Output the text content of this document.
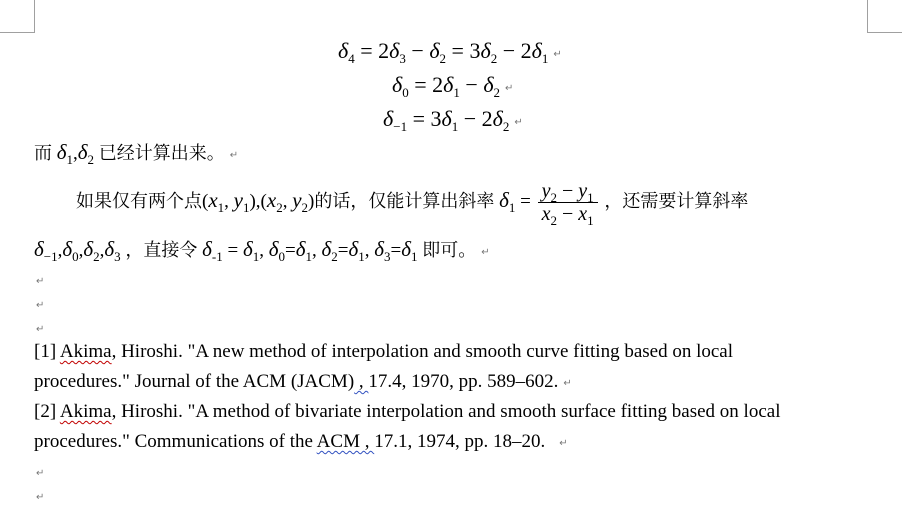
$\delta_4 = 2\delta_3 - \delta_2 = 3\delta_2 - 2\delta_1$ ↵
$\delta_0 = 2\delta_1 - \delta_2$ ↵
$\delta_{-1} = 3\delta_1 - 2\delta_2$ ↵
而 $\delta_1,\delta_2$ 已经计算出来。 ↵
如果仅有两个点($x_1$, $y_1),(x_2$, $y_2$)的话，仅能计算出斜率 $\delta_1 = \frac{y_2 - y_1}{x_2 - x_1}$ ，还需要计算斜率
$\delta_{-1},\delta_0,\delta_2,\delta_3$ ，直接令 $\delta_{-1} = \delta_1$, $\delta_0=\delta_1$, $\delta_2=\delta_1$, $\delta_3=\delta_1$ 即可。 ↵
↵
↵
↵
[1] Akima, Hiroshi. "A new method of interpolation and smooth curve fitting based on local
procedures." Journal of the ACM (JACM) , 17.4, 1970, pp. 589–602. ↵
[2] Akima, Hiroshi. "A method of bivariate interpolation and smooth surface fitting based on local
procedures." Communications of the ACM , 17.1, 1974, pp. 18–20. ↵
↵
↵
